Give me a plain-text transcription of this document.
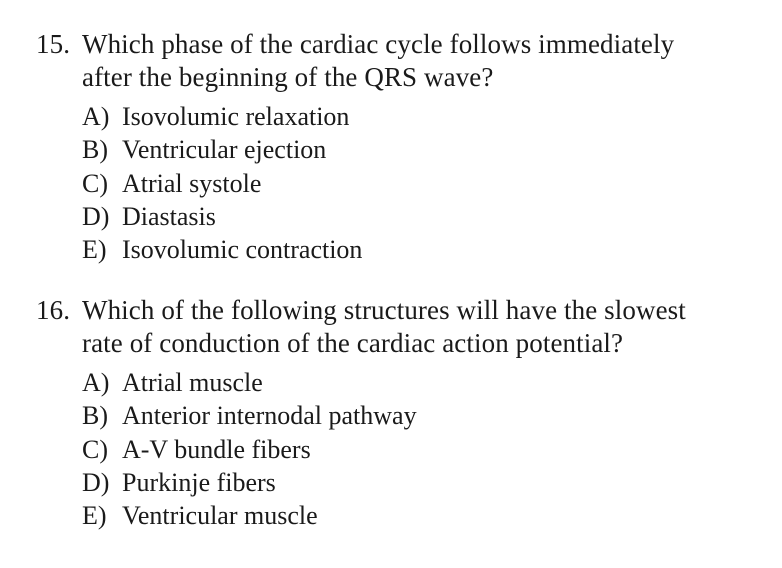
15. Which phase of the cardiac cycle follows immediately
after the beginning of the QRS wave?
A) Isovolumic relaxation
B) Ventricular ejection
C) Atrial systole
D) Diastasis
E) Isovolumic contraction
16. Which of the following structures will have the slowest
rate of conduction of the cardiac action potential?
A) Atrial muscle
B) Anterior internodal pathway
C) A-V bundle fibers
D) Purkinje fibers
E) Ventricular muscle
